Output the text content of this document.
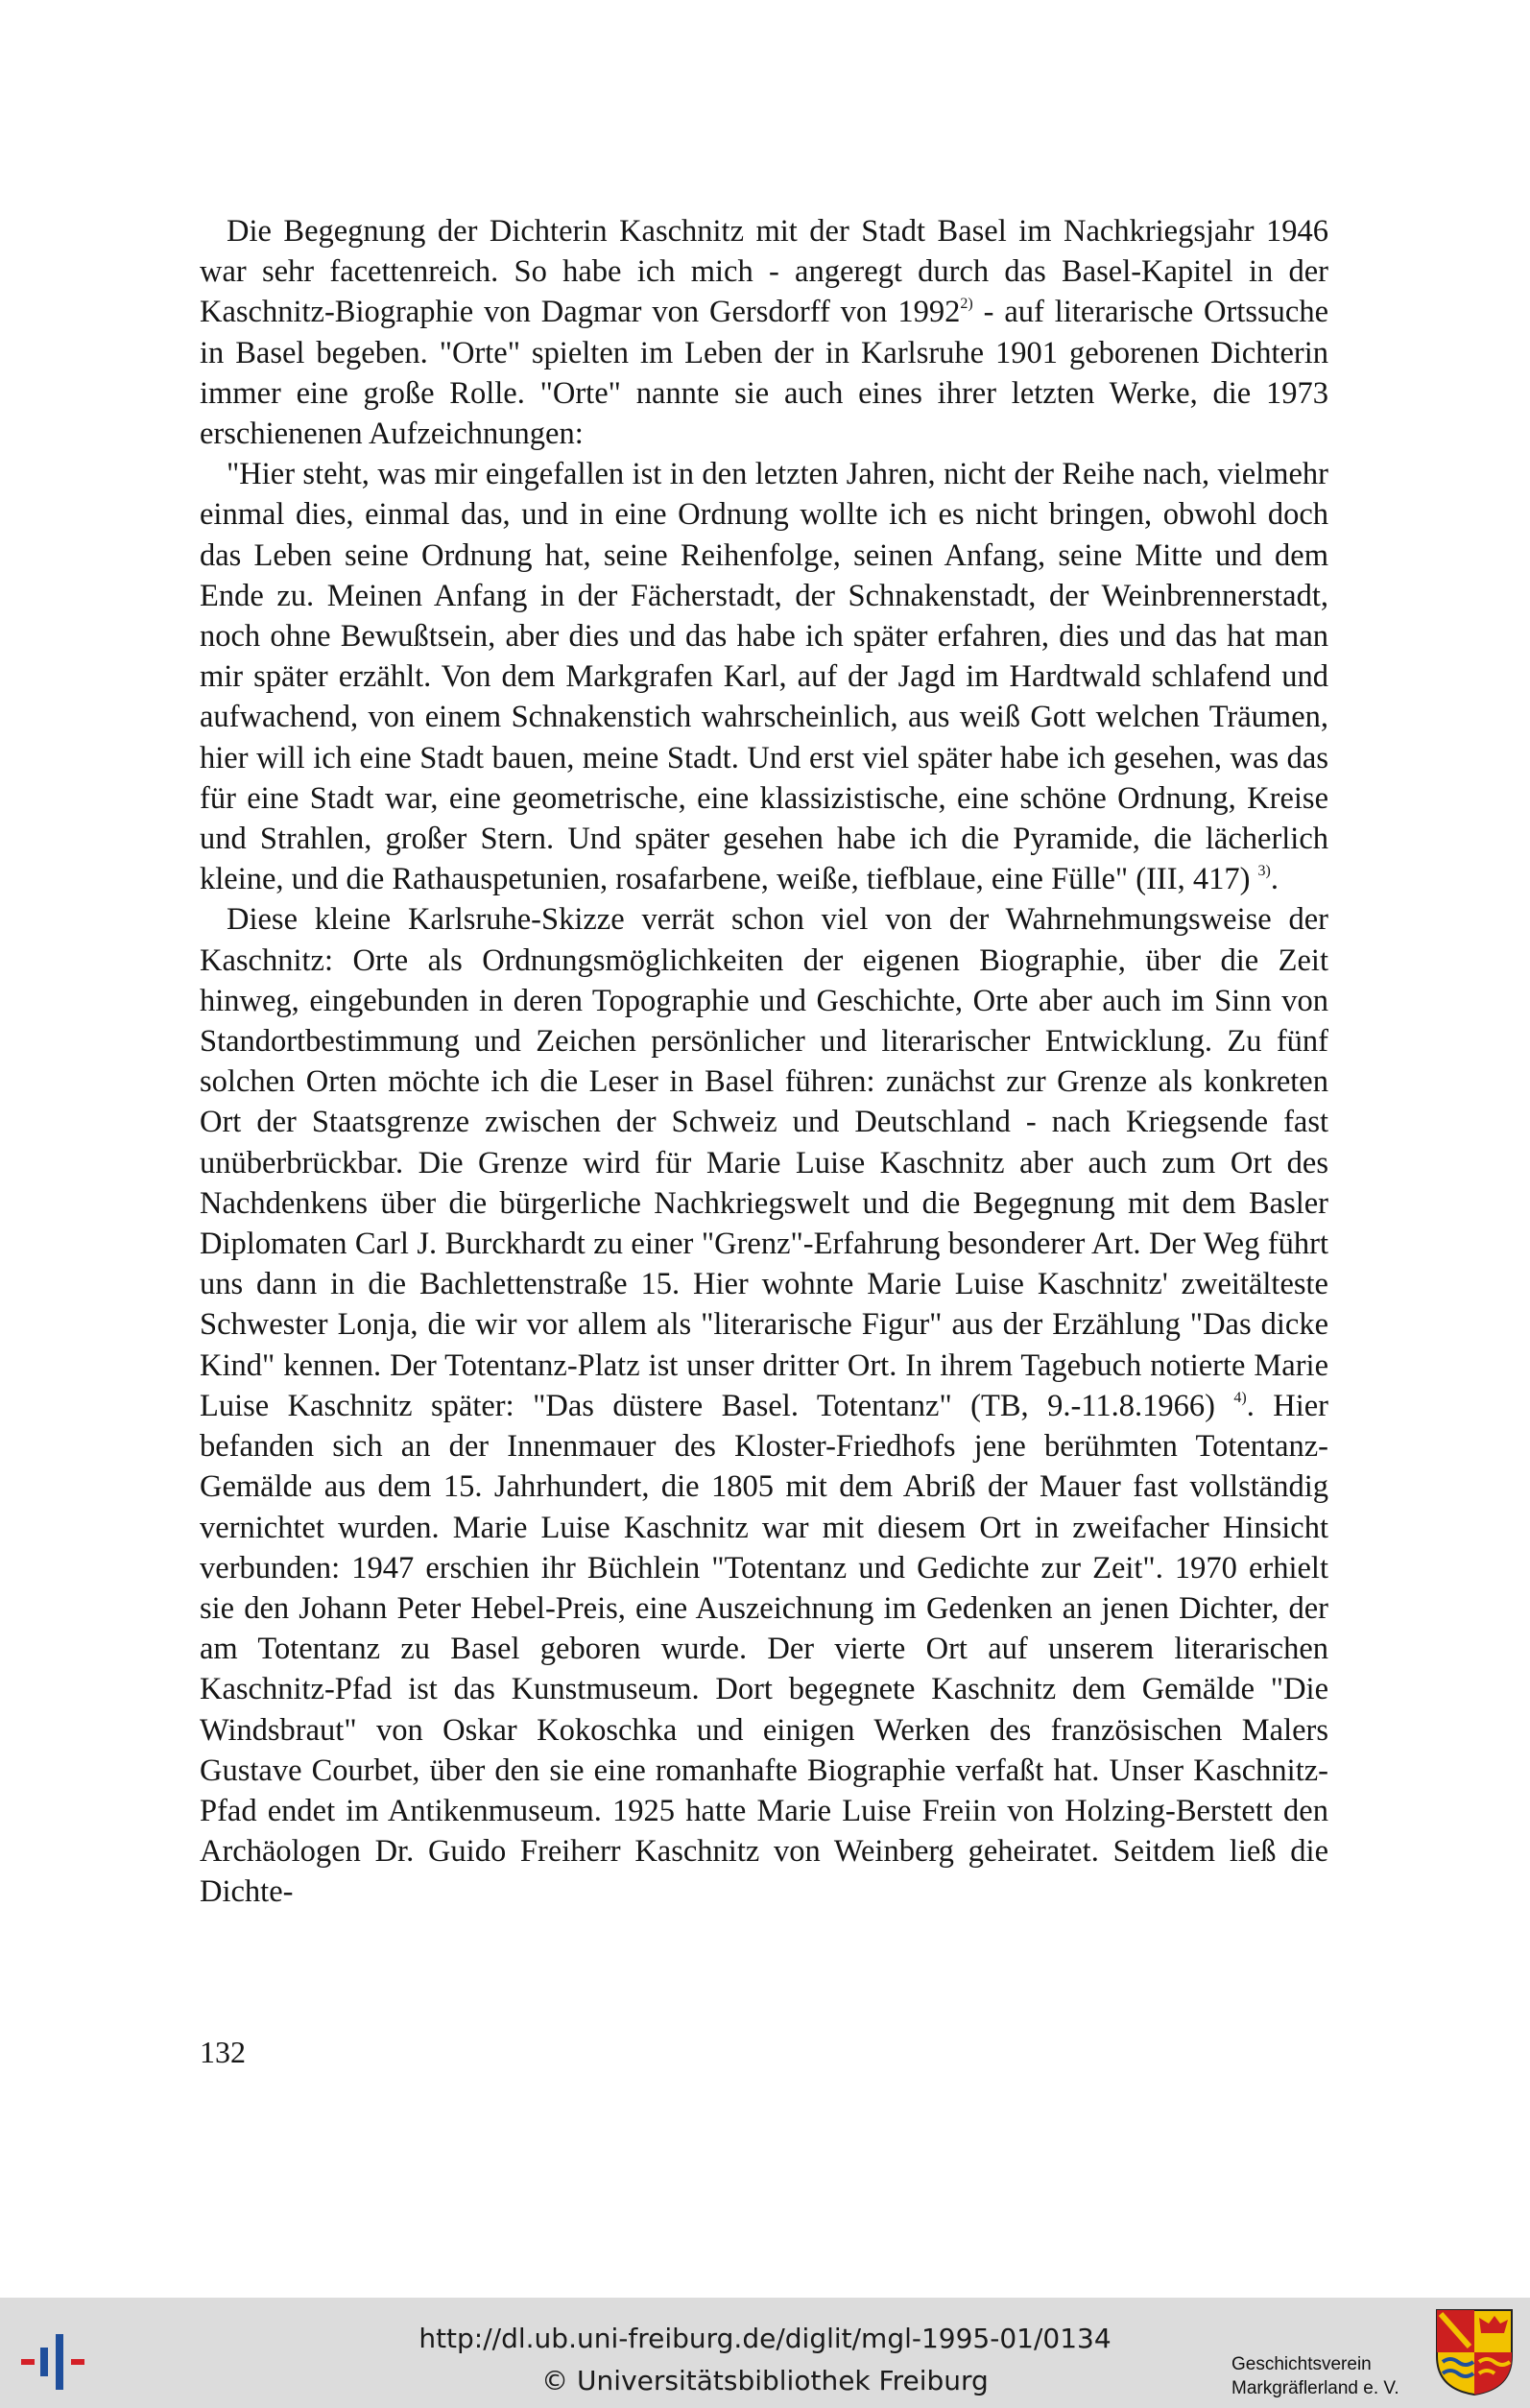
Die Begegnung der Dichterin Kaschnitz mit der Stadt Basel im Nachkriegsjahr 1946 war sehr facettenreich. So habe ich mich - angeregt durch das Basel-Kapitel in der Kaschnitz-Biographie von Dagmar von Gersdorff von 1992$^{2)}$ - auf literarische Ortssuche in Basel begeben. "Orte" spielten im Leben der in Karlsruhe 1901 geborenen Dichterin immer eine große Rolle. "Orte" nannte sie auch eines ihrer letzten Werke, die 1973 erschienenen Aufzeichnungen:

"Hier steht, was mir eingefallen ist in den letzten Jahren, nicht der Reihe nach, vielmehr einmal dies, einmal das, und in eine Ordnung wollte ich es nicht bringen, obwohl doch das Leben seine Ordnung hat, seine Reihenfolge, seinen Anfang, seine Mitte und dem Ende zu. Meinen Anfang in der Fächerstadt, der Schnakenstadt, der Weinbrennerstadt, noch ohne Bewußtsein, aber dies und das habe ich später erfahren, dies und das hat man mir später erzählt. Von dem Markgrafen Karl, auf der Jagd im Hardtwald schlafend und aufwachend, von einem Schnakenstich wahrscheinlich, aus weiß Gott welchen Träumen, hier will ich eine Stadt bauen, meine Stadt. Und erst viel später habe ich gesehen, was das für eine Stadt war, eine geometrische, eine klassizistische, eine schöne Ordnung, Kreise und Strahlen, großer Stern. Und später gesehen habe ich die Pyramide, die lächerlich kleine, und die Rathauspetunien, rosafarbene, weiße, tiefblaue, eine Fülle" (III, 417) $^{3)}$.

Diese kleine Karlsruhe-Skizze verrät schon viel von der Wahrnehmungsweise der Kaschnitz: Orte als Ordnungsmöglichkeiten der eigenen Biographie, über die Zeit hinweg, eingebunden in deren Topographie und Geschichte, Orte aber auch im Sinn von Standortbestimmung und Zeichen persönlicher und literarischer Entwicklung. Zu fünf solchen Orten möchte ich die Leser in Basel führen: zunächst zur Grenze als konkreten Ort der Staatsgrenze zwischen der Schweiz und Deutschland - nach Kriegsende fast unüberbrückbar. Die Grenze wird für Marie Luise Kaschnitz aber auch zum Ort des Nachdenkens über die bürgerliche Nachkriegswelt und die Begegnung mit dem Basler Diplomaten Carl J. Burckhardt zu einer "Grenz"-Erfahrung besonderer Art. Der Weg führt uns dann in die Bachlettenstraße 15. Hier wohnte Marie Luise Kaschnitz' zweitälteste Schwester Lonja, die wir vor allem als "literarische Figur" aus der Erzählung "Das dicke Kind" kennen. Der Totentanz-Platz ist unser dritter Ort. In ihrem Tagebuch notierte Marie Luise Kaschnitz später: "Das düstere Basel. Totentanz" (TB, 9.-11.8.1966) $^{4)}$. Hier befanden sich an der Innenmauer des Kloster-Friedhofs jene berühmten Totentanz-Gemälde aus dem 15. Jahrhundert, die 1805 mit dem Abriß der Mauer fast vollständig vernichtet wurden. Marie Luise Kaschnitz war mit diesem Ort in zweifacher Hinsicht verbunden: 1947 erschien ihr Büchlein "Totentanz und Gedichte zur Zeit". 1970 erhielt sie den Johann Peter Hebel-Preis, eine Auszeichnung im Gedenken an jenen Dichter, der am Totentanz zu Basel geboren wurde. Der vierte Ort auf unserem literarischen Kaschnitz-Pfad ist das Kunstmuseum. Dort begegnete Kaschnitz dem Gemälde "Die Windsbraut" von Oskar Kokoschka und einigen Werken des französischen Malers Gustave Courbet, über den sie eine romanhafte Biographie verfaßt hat. Unser Kaschnitz-Pfad endet im Antikenmuseum. 1925 hatte Marie Luise Freiin von Holzing-Berstett den Archäologen Dr. Guido Freiherr Kaschnitz von Weinberg geheiratet. Seitdem ließ die Dichte-

132
http://dl.ub.uni-freiburg.de/diglit/mgl-1995-01/0134
© Universitätsbibliothek Freiburg
Geschichtsverein
Markgräflerland e. V.
